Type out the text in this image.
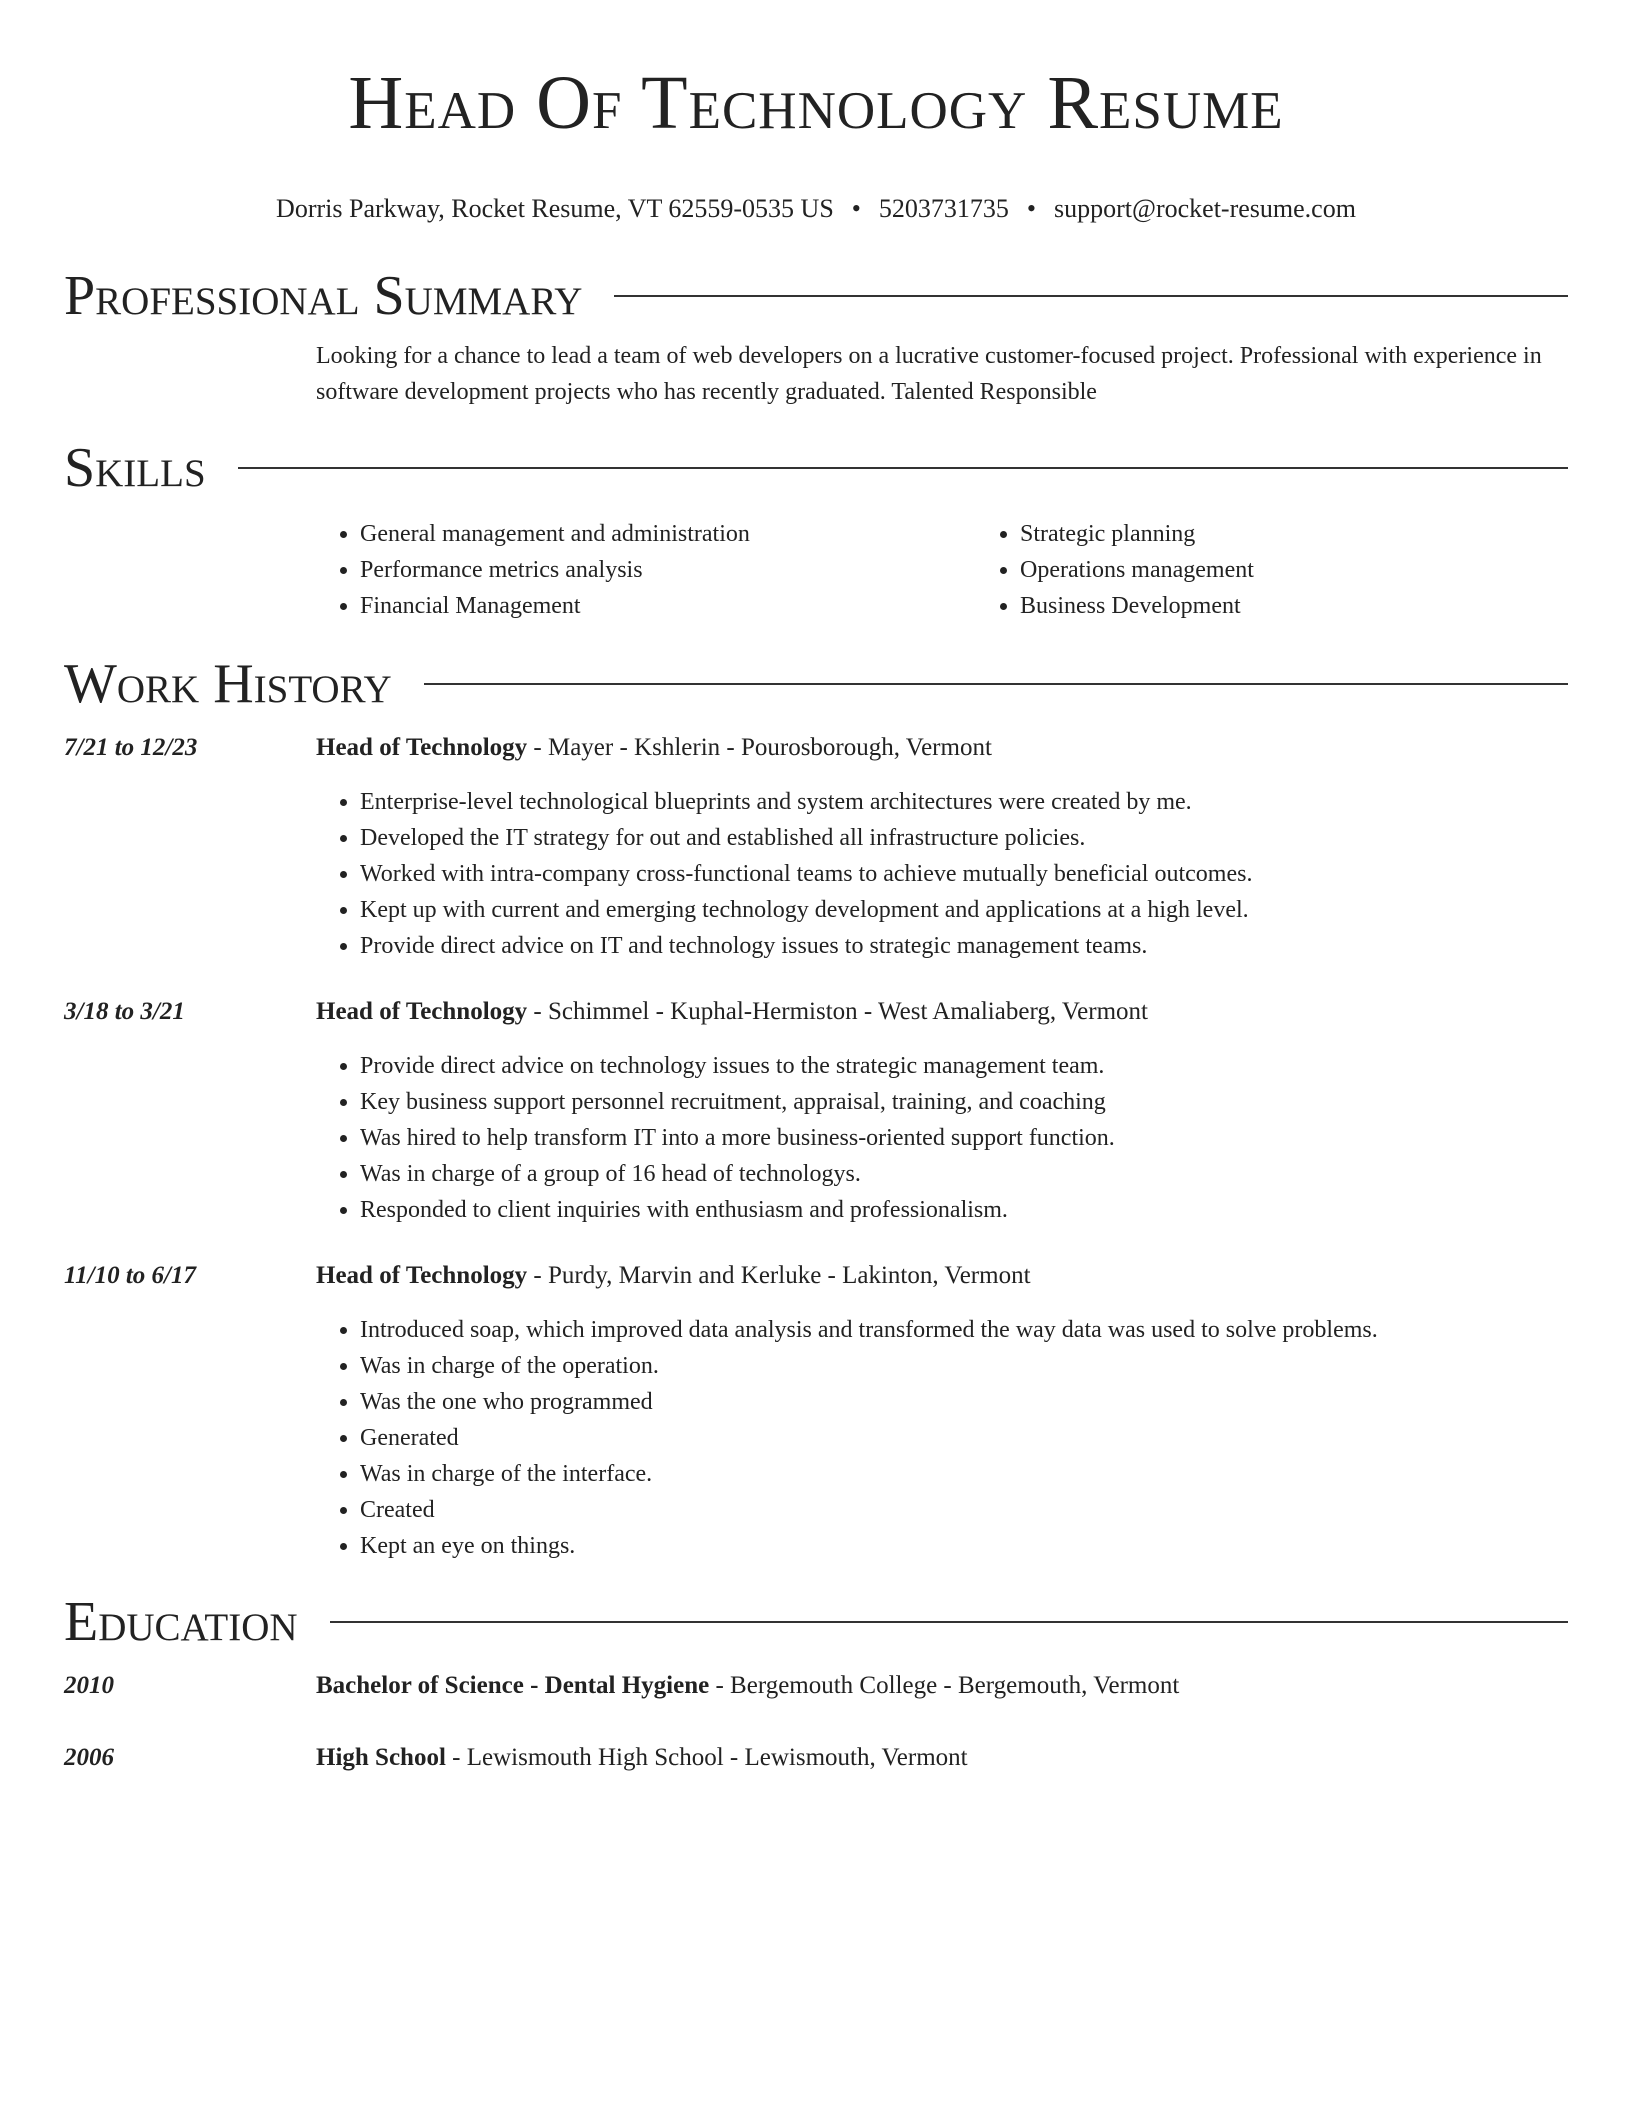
Head Of Technology Resume
Dorris Parkway, Rocket Resume, VT 62559-0535 US • 5203731735 • support@rocket-resume.com
Professional Summary
Looking for a chance to lead a team of web developers on a lucrative customer-focused project. Professional with experience in software development projects who has recently graduated. Talented Responsible
Skills
• General management and administration
• Performance metrics analysis
• Financial Management
• Strategic planning
• Operations management
• Business Development
Work History
7/21 to 12/23	Head of Technology - Mayer - Kshlerin - Pourosborough, Vermont
• Enterprise-level technological blueprints and system architectures were created by me.
• Developed the IT strategy for out and established all infrastructure policies.
• Worked with intra-company cross-functional teams to achieve mutually beneficial outcomes.
• Kept up with current and emerging technology development and applications at a high level.
• Provide direct advice on IT and technology issues to strategic management teams.
3/18 to 3/21	Head of Technology - Schimmel - Kuphal-Hermiston - West Amaliaberg, Vermont
• Provide direct advice on technology issues to the strategic management team.
• Key business support personnel recruitment, appraisal, training, and coaching
• Was hired to help transform IT into a more business-oriented support function.
• Was in charge of a group of 16 head of technologys.
• Responded to client inquiries with enthusiasm and professionalism.
11/10 to 6/17	Head of Technology - Purdy, Marvin and Kerluke - Lakinton, Vermont
• Introduced soap, which improved data analysis and transformed the way data was used to solve problems.
• Was in charge of the operation.
• Was the one who programmed
• Generated
• Was in charge of the interface.
• Created
• Kept an eye on things.
Education
2010	Bachelor of Science - Dental Hygiene - Bergemouth College - Bergemouth, Vermont
2006	High School - Lewismouth High School - Lewismouth, Vermont
